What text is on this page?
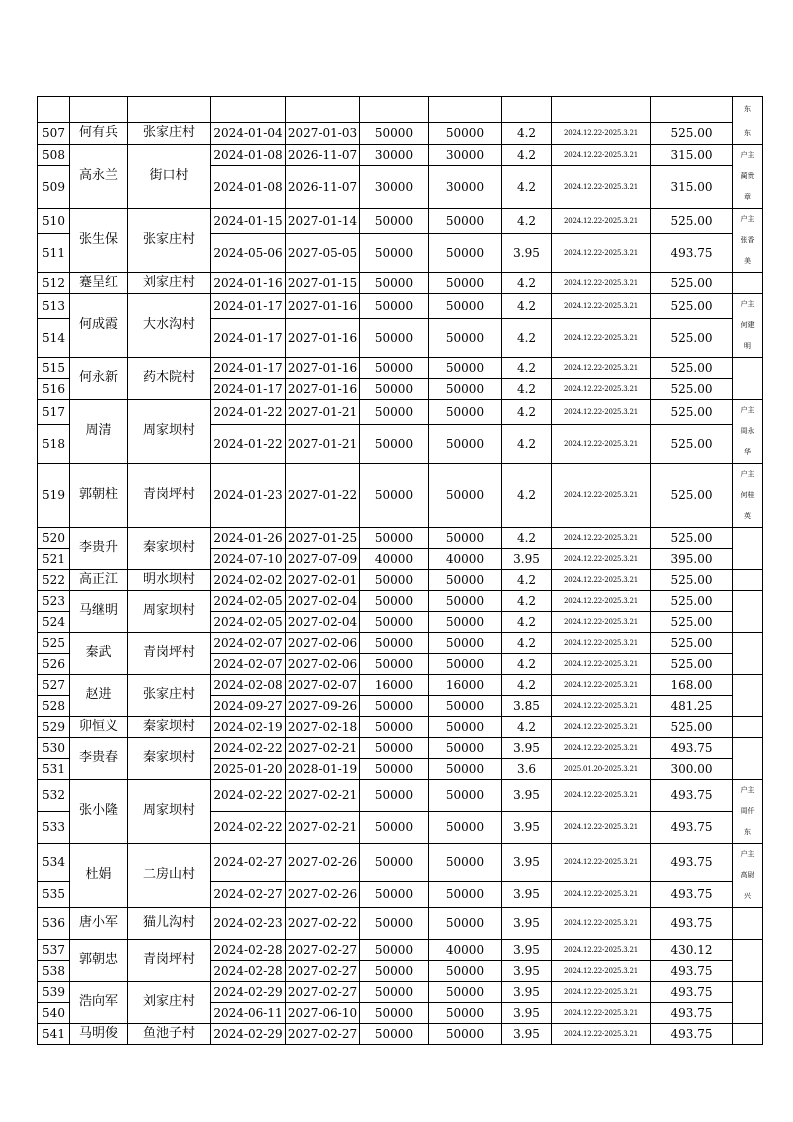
										东

507	何有兵	张家庄村	2024-01-04	2027-01-03	50000	50000	4.2	2024.12.22-2025.3.21	525.00	东

508	高永兰	街口村	2024-01-08	2026-11-07	30000	30000	4.2	2024.12.22-2025.3.21	315.00	户主
蔺贵
章

509			2024-01-08	2026-11-07	30000	30000	4.2	2024.12.22-2025.3.21	315.00	
510	张生保	张家庄村	2024-01-15	2027-01-14	50000	50000	4.2	2024.12.22-2025.3.21	525.00	户主
张香
美

511			2024-05-06	2027-05-05	50000	50000	3.95	2024.12.22-2025.3.21	493.75	
512	蹇呈红	刘家庄村	2024-01-16	2027-01-15	50000	50000	4.2	2024.12.22-2025.3.21	525.00	
513	何成霞	大水沟村	2024-01-17	2027-01-16	50000	50000	4.2	2024.12.22-2025.3.21	525.00	户主
何建
明

514			2024-01-17	2027-01-16	50000	50000	4.2	2024.12.22-2025.3.21	525.00	
515	何永新	药木院村	2024-01-17	2027-01-16	50000	50000	4.2	2024.12.22-2025.3.21	525.00	
516			2024-01-17	2027-01-16	50000	50000	4.2	2024.12.22-2025.3.21	525.00	
517	周清	周家坝村	2024-01-22	2027-01-21	50000	50000	4.2	2024.12.22-2025.3.21	525.00	户主
周永
华

518			2024-01-22	2027-01-21	50000	50000	4.2	2024.12.22-2025.3.21	525.00	
519	郭朝柱	青岗坪村	2024-01-23	2027-01-22	50000	50000	4.2	2024.12.22-2025.3.21	525.00	户主
何桂
英

520	李贵升	秦家坝村	2024-01-26	2027-01-25	50000	50000	4.2	2024.12.22-2025.3.21	525.00	
521			2024-07-10	2027-07-09	40000	40000	3.95	2024.12.22-2025.3.21	395.00	
522	高正江	明水坝村	2024-02-02	2027-02-01	50000	50000	4.2	2024.12.22-2025.3.21	525.00	
523	马继明	周家坝村	2024-02-05	2027-02-04	50000	50000	4.2	2024.12.22-2025.3.21	525.00	
524			2024-02-05	2027-02-04	50000	50000	4.2	2024.12.22-2025.3.21	525.00	
525	秦武	青岗坪村	2024-02-07	2027-02-06	50000	50000	4.2	2024.12.22-2025.3.21	525.00	
526			2024-02-07	2027-02-06	50000	50000	4.2	2024.12.22-2025.3.21	525.00	
527	赵进	张家庄村	2024-02-08	2027-02-07	16000	16000	4.2	2024.12.22-2025.3.21	168.00	
528			2024-09-27	2027-09-26	50000	50000	3.85	2024.12.22-2025.3.21	481.25	
529	卯恒义	秦家坝村	2024-02-19	2027-02-18	50000	50000	4.2	2024.12.22-2025.3.21	525.00	
530	李贵春	秦家坝村	2024-02-22	2027-02-21	50000	50000	3.95	2024.12.22-2025.3.21	493.75	
531			2025-01-20	2028-01-19	50000	50000	3.6	2025.01.20-2025.3.21	300.00	
532	张小隆	周家坝村	2024-02-22	2027-02-21	50000	50000	3.95	2024.12.22-2025.3.21	493.75	户主
周仟
东

533			2024-02-22	2027-02-21	50000	50000	3.95	2024.12.22-2025.3.21	493.75	
534	杜娟	二房山村	2024-02-27	2027-02-26	50000	50000	3.95	2024.12.22-2025.3.21	493.75	户主
高尉
兴

535			2024-02-27	2027-02-26	50000	50000	3.95	2024.12.22-2025.3.21	493.75	
536	唐小军	猫儿沟村	2024-02-23	2027-02-22	50000	50000	3.95	2024.12.22-2025.3.21	493.75	
537	郭朝忠	青岗坪村	2024-02-28	2027-02-27	50000	40000	3.95	2024.12.22-2025.3.21	430.12	
538			2024-02-28	2027-02-27	50000	50000	3.95	2024.12.22-2025.3.21	493.75	
539	浩向军	刘家庄村	2024-02-29	2027-02-27	50000	50000	3.95	2024.12.22-2025.3.21	493.75	
540			2024-06-11	2027-06-10	50000	50000	3.95	2024.12.22-2025.3.21	493.75	
541	马明俊	鱼池子村	2024-02-29	2027-02-27	50000	50000	3.95	2024.12.22-2025.3.21	493.75	
